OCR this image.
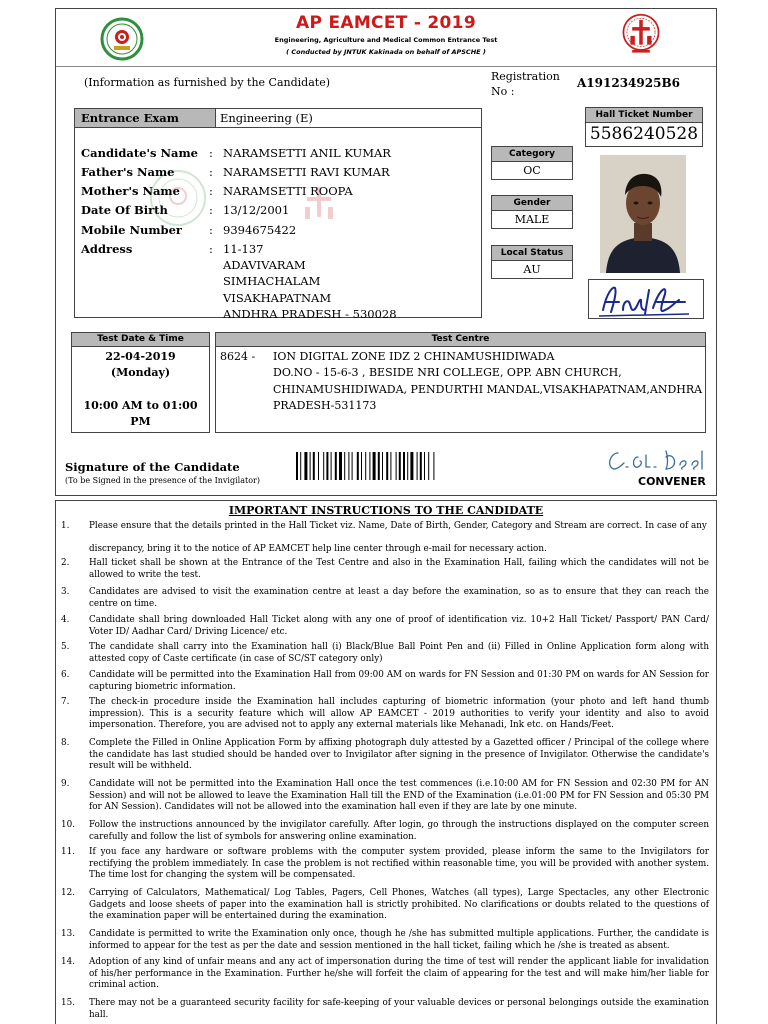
AP EAMCET - 2019
Engineering, Agriculture and Medical Common Entrance Test
( Conducted by JNTUK Kakinada on behalf of APSCHE )
(Information as furnished by the Candidate)	Registration No :
A191234925B6
Entrance Exam	Engineering (E)
Candidate's Name : NARAMSETTI ANIL KUMAR
Father's Name	: NARAMSETTI RAVI KUMAR
Mother's Name	: NARAMSETTI ROOPA
Date Of Birth	: 13/12/2001
Mobile Number : 9394675422
Address	: 11-137
ADAVIVARAM
SIMHACHALAM
VISAKHAPATNAM
ANDHRA PRADESH - 530028
Hall Ticket Number
5586240528
Category
OC
Gender
MALE
Local Status
AU
Test Date & Time
22-04-2019
(Monday)
10:00 AM to 01:00 PM
Test Centre
8624 - ION DIGITAL ZONE IDZ 2 CHINAMUSHIDIWADA
DO.NO - 15-6-3 , BESIDE NRI COLLEGE, OPP. ABN CHURCH,
CHINAMUSHIDIWADA, PENDURTHI MANDAL,VISAKHAPATNAM,ANDHRA
PRADESH-531173
Signature of the Candidate
(To be Signed in the presence of the Invigilator)	CONVENER
IMPORTANT INSTRUCTIONS TO THE CANDIDATE
1. Please ensure that the details printed in the Hall Ticket viz. Name, Date of Birth, Gender, Category and Stream are correct. In case of any
discrepancy, bring it to the notice of AP EAMCET help line center through e-mail for necessary action.
2. Hall ticket shall be shown at the Entrance of the Test Centre and also in the Examination Hall, failing which the candidates will not be allowed to write the test.
3. Candidates are advised to visit the examination centre at least a day before the examination, so as to ensure that they can reach the centre on time.
4. Candidate shall bring downloaded Hall Ticket along with any one of proof of identification viz. 10+2 Hall Ticket/ Passport/ PAN Card/ Voter ID/ Aadhar Card/ Driving Licence/ etc.
5. The candidate shall carry into the Examination hall (i) Black/Blue Ball Point Pen and (ii) Filled in Online Application form along with attested copy of Caste certificate (in case of SC/ST category only)
6. Candidate will be permitted into the Examination Hall from 09:00 AM on wards for FN Session and 01:30 PM on wards for AN Session for capturing biometric information.
7. The check-in procedure inside the Examination hall includes capturing of biometric information (your photo and left hand thumb impression). This is a security feature which will allow AP EAMCET - 2019 authorities to verify your identity and also to avoid impersonation. Therefore, you are advised not to apply any external materials like Mehanadi, Ink etc. on Hands/Feet.
8. Complete the Filled in Online Application Form by affixing photograph duly attested by a Gazetted officer / Principal of the college where the candidate has last studied should be handed over to Invigilator after signing in the presence of Invigilator. Otherwise the candidate's result will be withheld.
9. Candidate will not be permitted into the Examination Hall once the test commences (i.e.10:00 AM for FN Session and 02:30 PM for AN Session) and will not be allowed to leave the Examination Hall till the END of the Examination (i.e.01:00 PM for FN Session and 05:30 PM for AN Session). Candidates will not be allowed into the examination hall even if they are late by one minute.
10. Follow the instructions announced by the invigilator carefully. After login, go through the instructions displayed on the computer screen carefully and follow the list of symbols for answering online examination.
11. If you face any hardware or software problems with the computer system provided, please inform the same to the Invigilators for rectifying the problem immediately. In case the problem is not rectified within reasonable time, you will be provided with another system. The time lost for changing the system will be compensated.
12. Carrying of Calculators, Mathematical/ Log Tables, Pagers, Cell Phones, Watches (all types), Large Spectacles, any other Electronic Gadgets and loose sheets of paper into the examination hall is strictly prohibited. No clarifications or doubts related to the questions of the examination paper will be entertained during the examination.
13. Candidate is permitted to write the Examination only once, though he /she has submitted multiple applications. Further, the candidate is informed to appear for the test as per the date and session mentioned in the hall ticket, failing which he /she is treated as absent.
14. Adoption of any kind of unfair means and any act of impersonation during the time of test will render the applicant liable for invalidation of his/her performance in the Examination. Further he/she will forfeit the claim of appearing for the test and will make him/her liable for criminal action.
15. There may not be a guaranteed security facility for safe-keeping of your valuable devices or personal belongings outside the examination hall.
